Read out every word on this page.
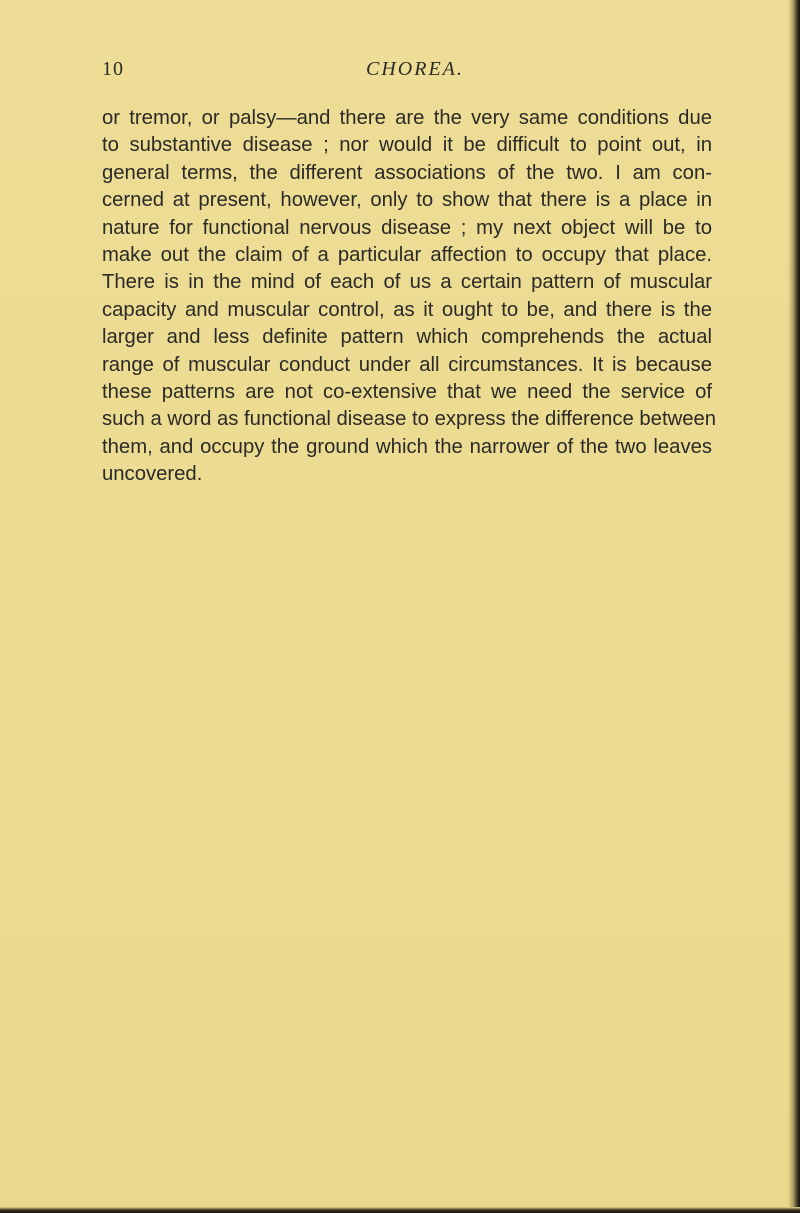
10	CHOREA.
or tremor, or palsy—and there are the very same conditions due
to substantive disease ; nor would it be difficult to point out, in
general terms, the different associations of the two. I am con-
cerned at present, however, only to show that there is a place in
nature for functional nervous disease ; my next object will be to
make out the claim of a particular affection to occupy that place.
There is in the mind of each of us a certain pattern of muscular
capacity and muscular control, as it ought to be, and there is the
larger and less definite pattern which comprehends the actual
range of muscular conduct under all circumstances. It is because
these patterns are not co-extensive that we need the service of
such a word as functional disease to express the difference between
them, and occupy the ground which the narrower of the two leaves
uncovered.
